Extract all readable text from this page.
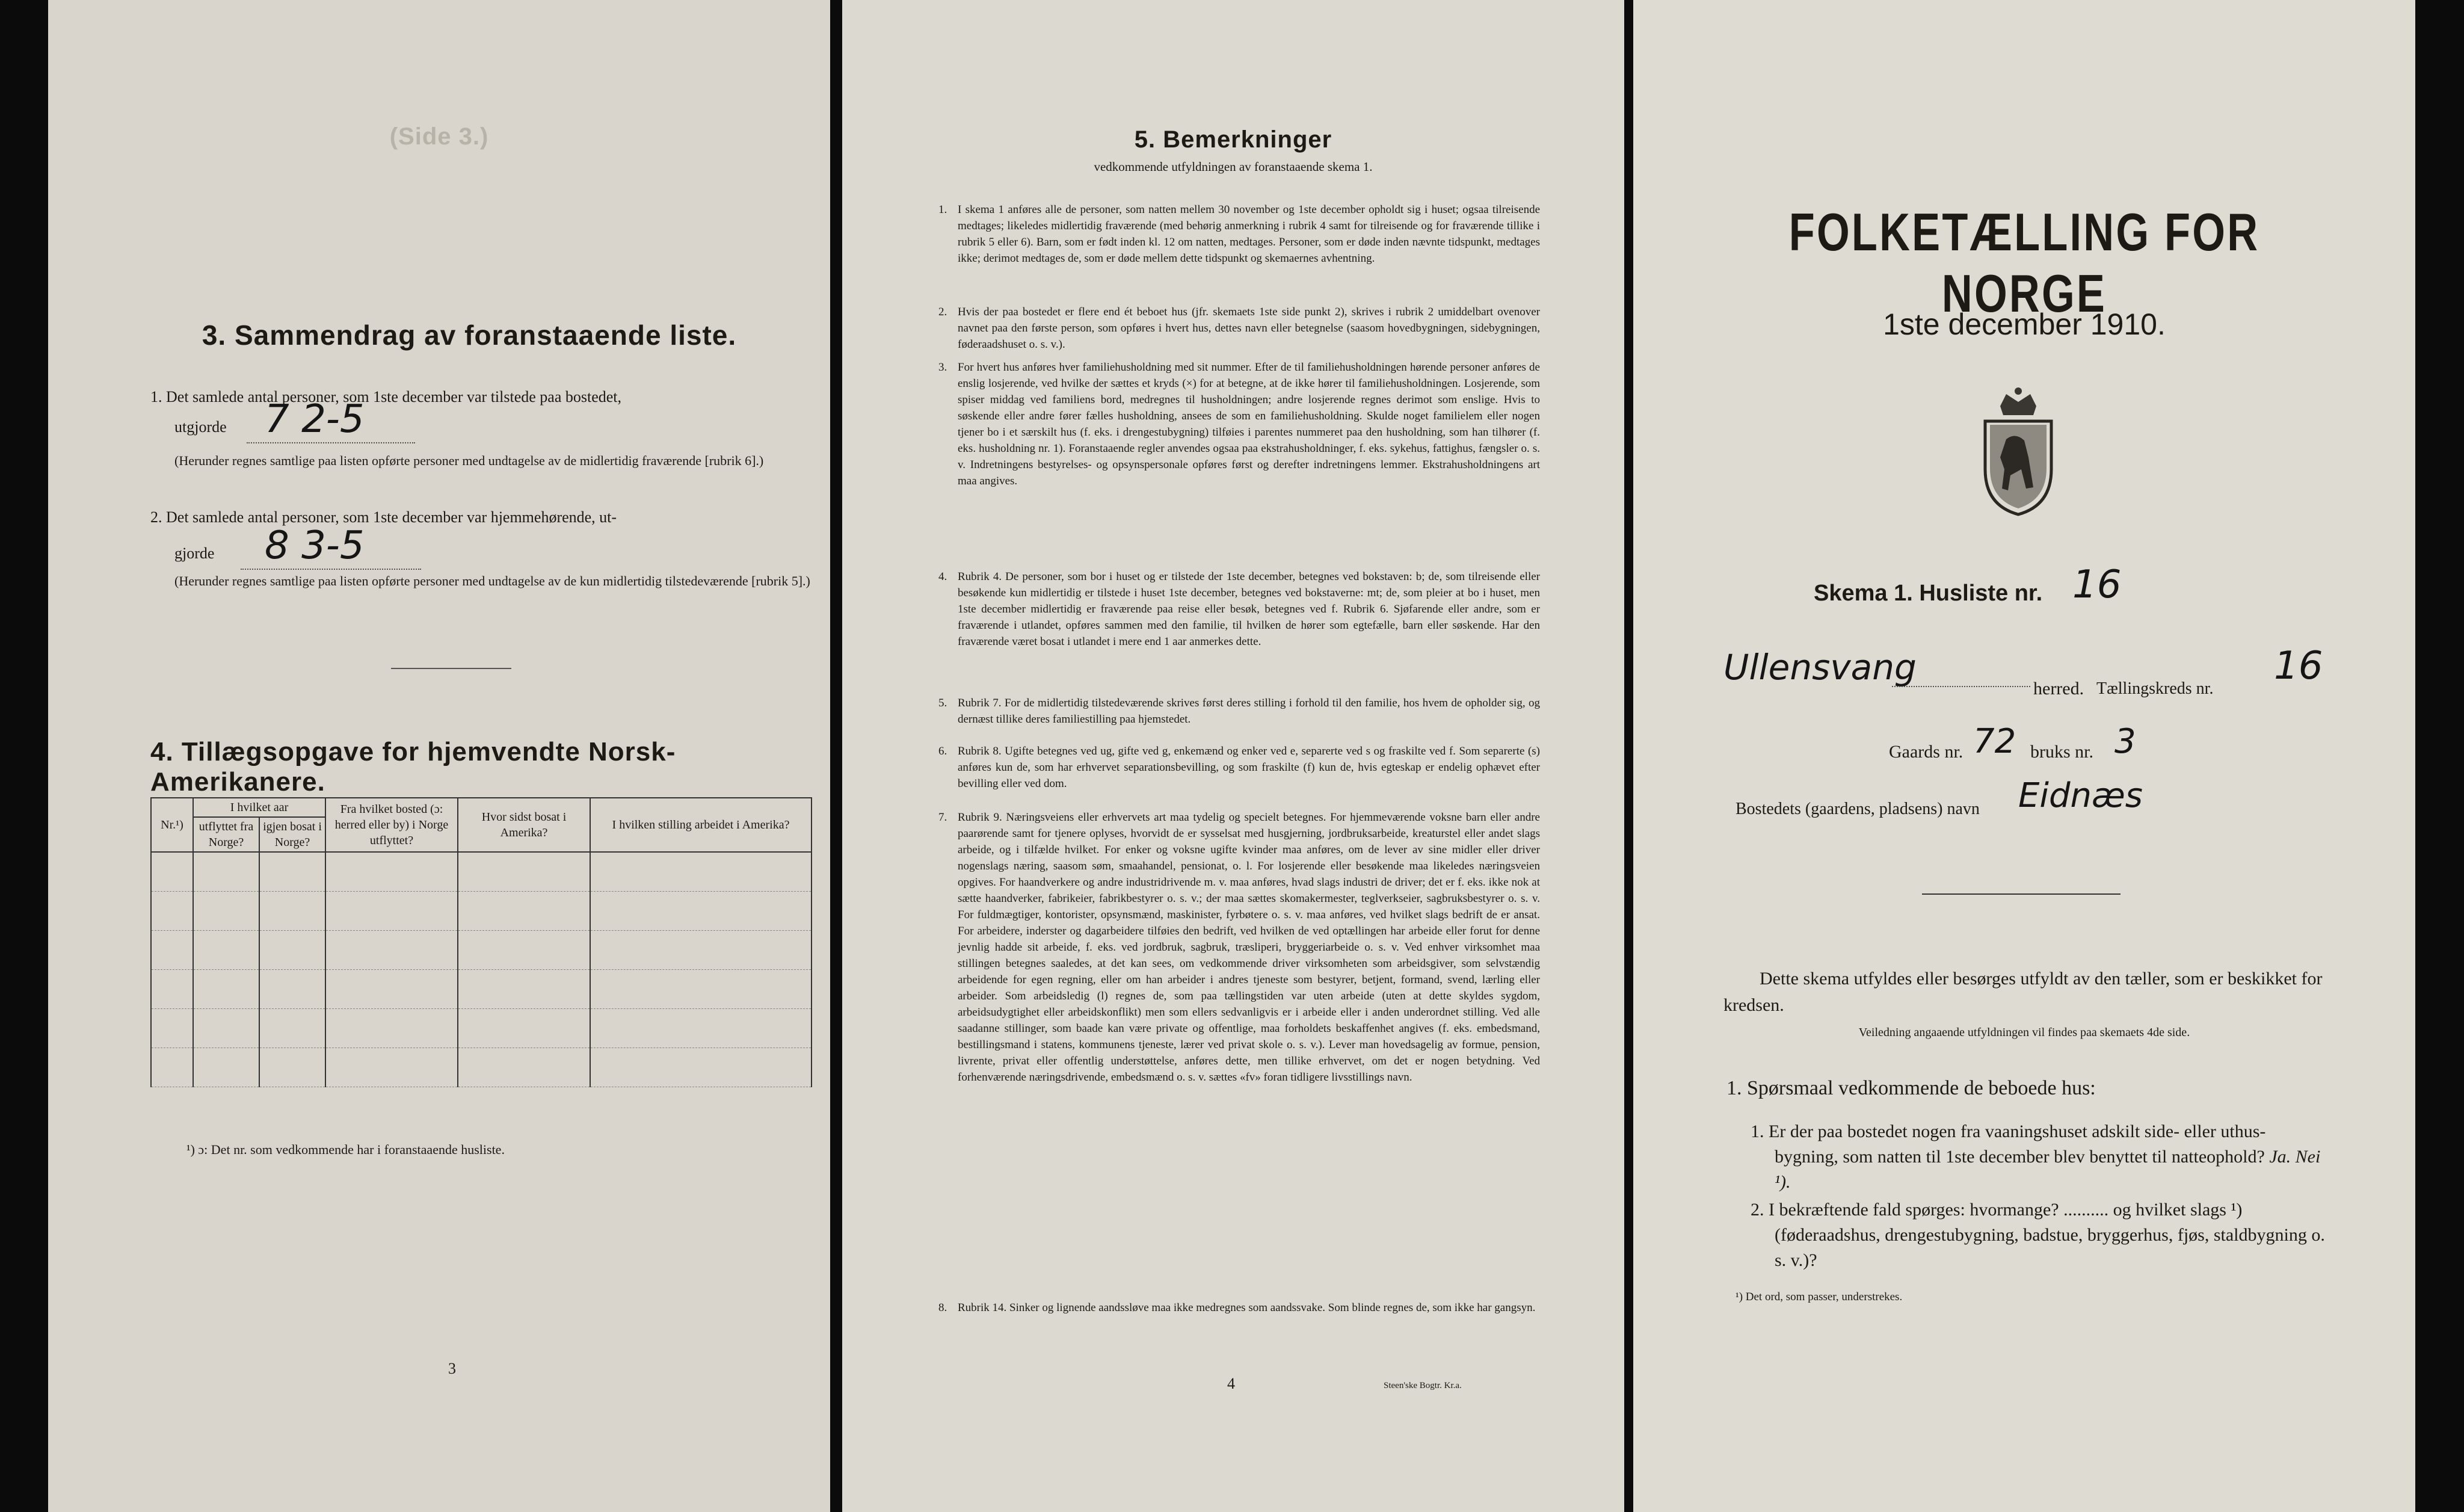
(Side 3.)
3. Sammendrag av foranstaaende liste.
1. Det samlede antal personer, som 1ste december var tilstede paa bostedet,
utgjorde 7 2-5
(Herunder regnes samtlige paa listen opførte personer med undtagelse av de midlertidig fraværende [rubrik 6].)
2. Det samlede antal personer, som 1ste december var hjemmehørende, ut-
gjorde 8 3-5
(Herunder regnes samtlige paa listen opførte personer med undtagelse av de kun midlertidig tilstedeværende [rubrik 5].)
4. Tillægsopgave for hjemvendte Norsk-Amerikanere.
Nr.¹)	I hvilket aar		Fra hvilket bosted (ɔ: herred eller by) i Norge utflyttet?	Hvor sidst bosat i Amerika?	I hvilken stilling arbeidet i Amerika?
	utflyttet fra Norge?	igjen bosat i Norge?			

¹) ɔ: Det nr. som vedkommende har i foranstaaende husliste.
3
5. Bemerkninger
vedkommende utfyldningen av foranstaaende skema 1.
1. I skema 1 anføres alle de personer, som natten mellem 30 november og 1ste december opholdt sig i huset; ogsaa tilreisende medtages; likeledes midlertidig fraværende (med behørig anmerkning i rubrik 4 samt for tilreisende og for fraværende tillike i rubrik 5 eller 6). Barn, som er født inden kl. 12 om natten, medtages. Personer, som er døde inden nævnte tidspunkt, medtages ikke; derimot medtages de, som er døde mellem dette tidspunkt og skemaernes avhentning.
2. Hvis der paa bostedet er flere end ét beboet hus (jfr. skemaets 1ste side punkt 2), skrives i rubrik 2 umiddelbart ovenover navnet paa den første person, som opføres i hvert hus, dettes navn eller betegnelse (saasom hovedbygningen, sidebygningen, føderaadshuset o. s. v.).
3. For hvert hus anføres hver familiehusholdning med sit nummer. Efter de til familiehusholdningen hørende personer anføres de enslig losjerende, ved hvilke der sættes et kryds (×) for at betegne, at de ikke hører til familiehusholdningen. Losjerende, som spiser middag ved familiens bord, medregnes til husholdningen; andre losjerende regnes derimot som enslige. Hvis to søskende eller andre fører fælles husholdning, ansees de som en familiehusholdning. Skulde noget familielem eller nogen tjener bo i et særskilt hus (f. eks. i drengestubygning) tilføies i parentes nummeret paa den husholdning, som han tilhører (f. eks. husholdning nr. 1). Foranstaaende regler anvendes ogsaa paa ekstrahusholdninger, f. eks. sykehus, fattighus, fængsler o. s. v. Indretningens bestyrelses- og opsynspersonale opføres først og derefter indretningens lemmer. Ekstrahusholdningens art maa angives.
4. Rubrik 4. De personer, som bor i huset og er tilstede der 1ste december, betegnes ved bokstaven: b; de, som tilreisende eller besøkende kun midlertidig er tilstede i huset 1ste december, betegnes ved bokstaverne: mt; de, som pleier at bo i huset, men 1ste december midlertidig er fraværende paa reise eller besøk, betegnes ved f. Rubrik 6. Sjøfarende eller andre, som er fraværende i utlandet, opføres sammen med den familie, til hvilken de hører som egtefælle, barn eller søskende. Har den fraværende været bosat i utlandet i mere end 1 aar anmerkes dette.
5. Rubrik 7. For de midlertidig tilstedeværende skrives først deres stilling i forhold til den familie, hos hvem de opholder sig, og dernæst tillike deres familiestilling paa hjemstedet.
6. Rubrik 8. Ugifte betegnes ved ug, gifte ved g, enkemænd og enker ved e, separerte ved s og fraskilte ved f. Som separerte (s) anføres kun de, som har erhvervet separationsbevilling, og som fraskilte (f) kun de, hvis egteskap er endelig ophævet efter bevilling eller ved dom.
7. Rubrik 9. Næringsveiens eller erhvervets art maa tydelig og specielt betegnes. For hjemmeværende voksne barn eller andre paarørende samt for tjenere oplyses, hvorvidt de er sysselsat med husgjerning, jordbruksarbeide, kreaturstel eller andet slags arbeide, og i tilfælde hvilket. For enker og voksne ugifte kvinder maa anføres, om de lever av sine midler eller driver nogenslags næring, saasom søm, smaahandel, pensionat, o. l. For losjerende eller besøkende maa likeledes næringsveien opgives. For haandverkere og andre industridrivende m. v. maa anføres, hvad slags industri de driver; det er f. eks. ikke nok at sætte haandverker, fabrikeier, fabrikbestyrer o. s. v.; der maa sættes skomakermester, teglverkseier, sagbruksbestyrer o. s. v. For fuldmægtiger, kontorister, opsynsmænd, maskinister, fyrbøtere o. s. v. maa anføres, ved hvilket slags bedrift de er ansat. For arbeidere, inderster og dagarbeidere tilføies den bedrift, ved hvilken de ved optællingen har arbeide eller forut for denne jevnlig hadde sit arbeide, f. eks. ved jordbruk, sagbruk, træsliperi, bryggeriarbeide o. s. v. Ved enhver virksomhet maa stillingen betegnes saaledes, at det kan sees, om vedkommende driver virksomheten som arbeidsgiver, som selvstændig arbeidende for egen regning, eller om han arbeider i andres tjeneste som bestyrer, betjent, formand, svend, lærling eller arbeider. Som arbeidsledig (l) regnes de, som paa tællingstiden var uten arbeide (uten at dette skyldes sygdom, arbeidsudygtighet eller arbeidskonflikt) men som ellers sedvanligvis er i arbeide eller i anden underordnet stilling. Ved alle saadanne stillinger, som baade kan være private og offentlige, maa forholdets beskaffenhet angives (f. eks. embedsmand, bestillingsmand i statens, kommunens tjeneste, lærer ved privat skole o. s. v.). Lever man hovedsagelig av formue, pension, livrente, privat eller offentlig understøttelse, anføres dette, men tillike erhvervet, om det er nogen betydning. Ved forhenværende næringsdrivende, embedsmænd o. s. v. sættes «fv» foran tidligere livsstillings navn.
8. Rubrik 14. Sinker og lignende aandssløve maa ikke medregnes som aandssvake. Som blinde regnes de, som ikke har gangsyn.
4	Steen'ske Bogtr. Kr.a.
FOLKETÆLLING FOR NORGE
1ste december 1910.
Skema 1. Husliste nr. 16
Ullensvang
herred. Tællingskreds nr.
16
Gaards nr. 72 bruks nr. 3
Bostedets (gaardens, pladsens) navn Eidnæs
Dette skema utfyldes eller besørges utfyldt av den tæller, som er beskikket for kredsen.
Veiledning angaaende utfyldningen vil findes paa skemaets 4de side.
1. Spørsmaal vedkommende de beboede hus:
1. Er der paa bostedet nogen fra vaaningshuset adskilt side- eller uthus-bygning, som natten til 1ste december blev benyttet til natteophold? Ja. Nei ¹).
2. I bekræftende fald spørges: hvormange? .......... og hvilket slags ¹) (føderaadshus, drengestubygning, badstue, bryggerhus, fjøs, staldbygning o. s. v.)?
¹) Det ord, som passer, understrekes.
